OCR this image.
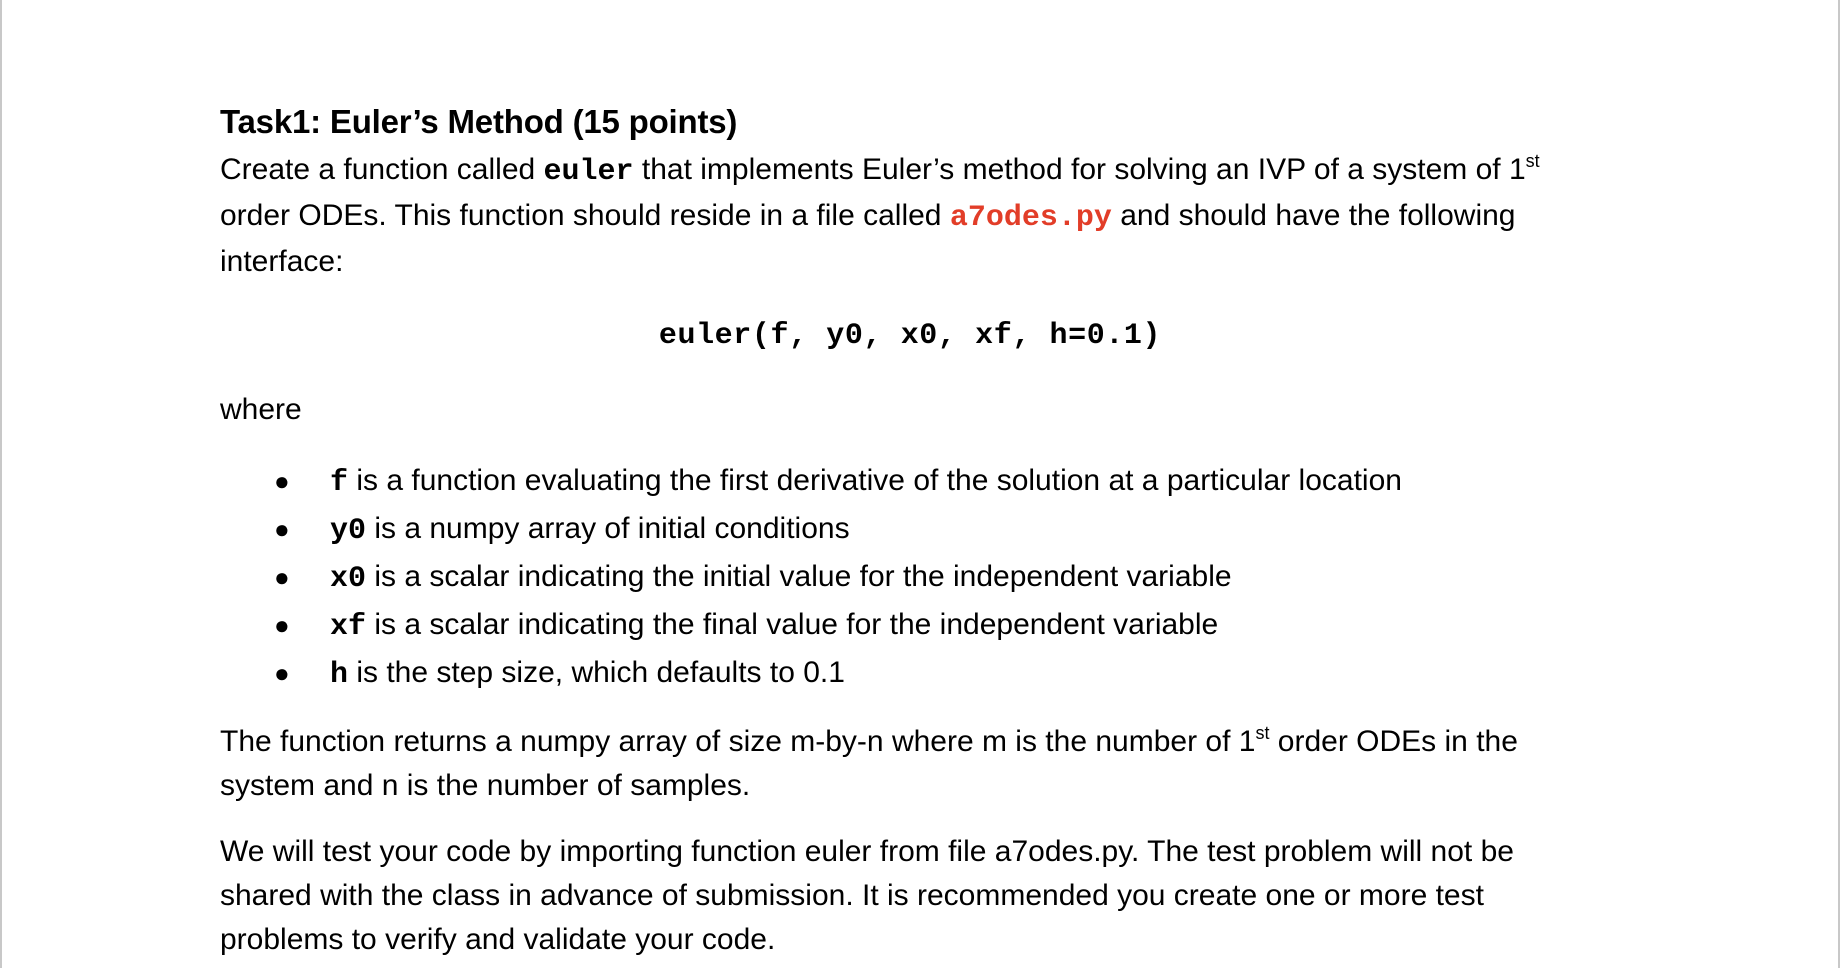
Task1: Euler’s Method (15 points)

Create a function called euler that implements Euler’s method for solving an IVP of a system of 1st order ODEs. This function should reside in a file called a7odes.py and should have the following interface:

euler(f, y0, x0, xf, h=0.1)

where

● f is a function evaluating the first derivative of the solution at a particular location
● y0 is a numpy array of initial conditions
● x0 is a scalar indicating the initial value for the independent variable
● xf is a scalar indicating the final value for the independent variable
● h is the step size, which defaults to 0.1

The function returns a numpy array of size m-by-n where m is the number of 1st order ODEs in the system and n is the number of samples.

We will test your code by importing function euler from file a7odes.py. The test problem will not be shared with the class in advance of submission. It is recommended you create one or more test problems to verify and validate your code.
